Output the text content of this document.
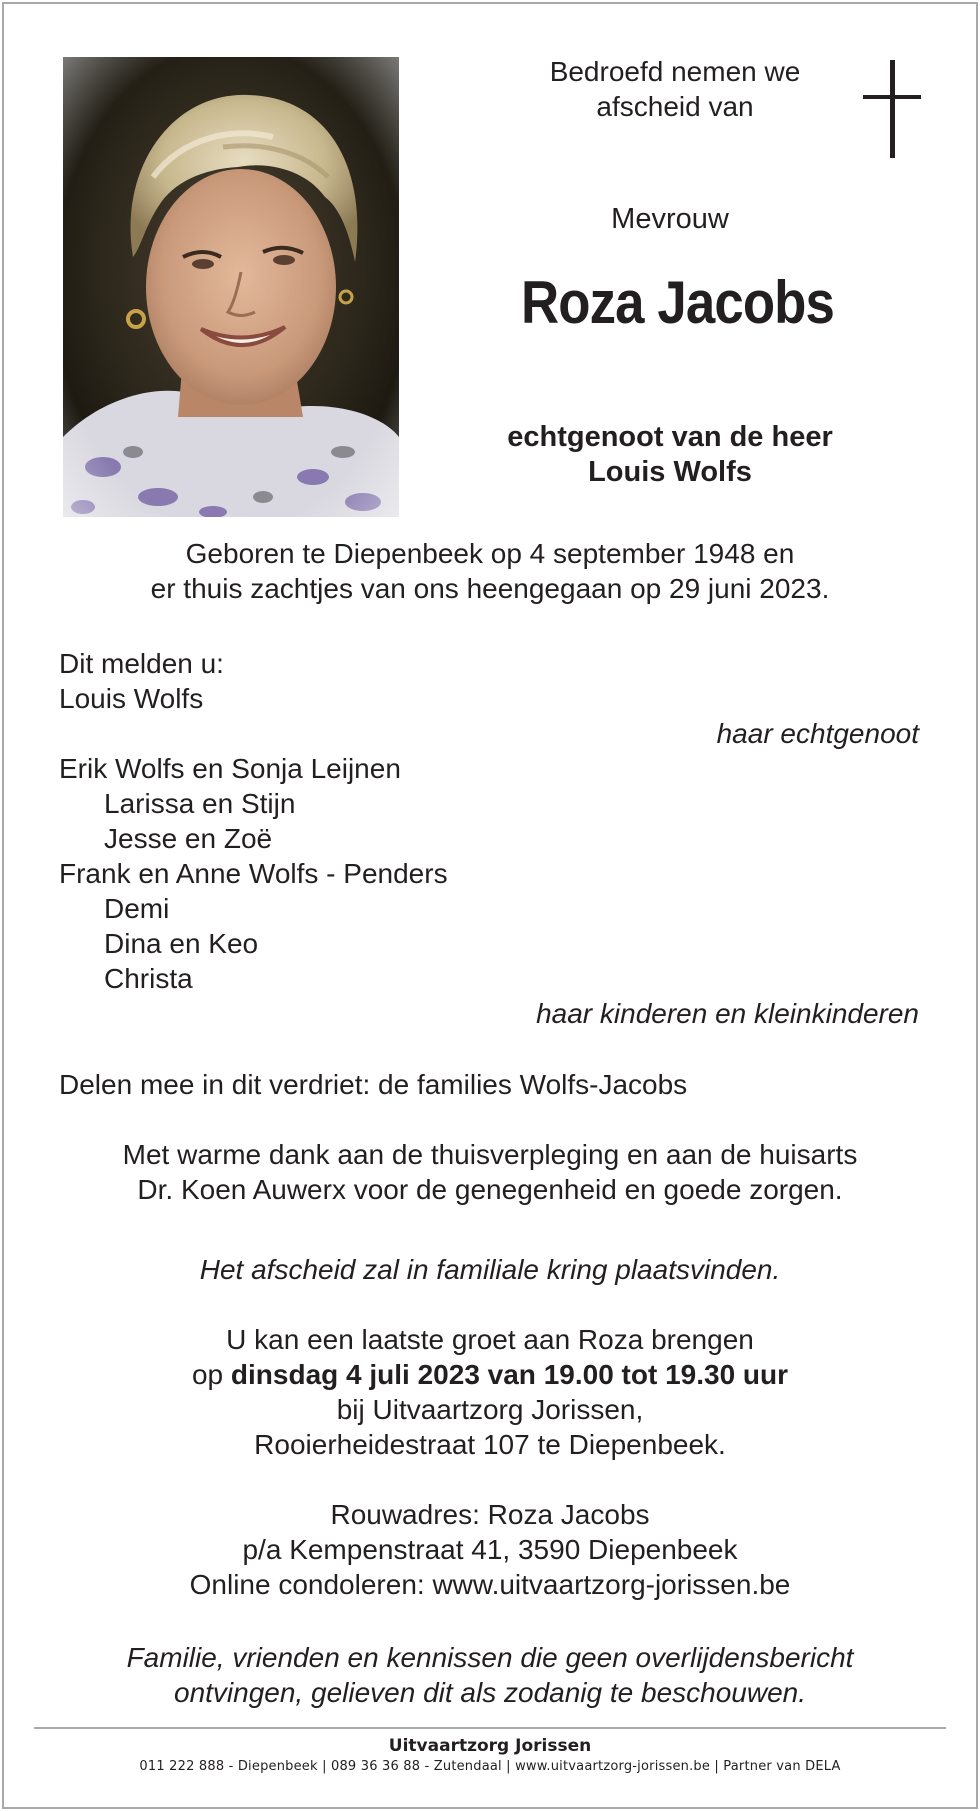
Bedroefd nemen we
afscheid van
Mevrouw
Roza Jacobs
echtgenoot van de heer
Louis Wolfs
Geboren te Diepenbeek op 4 september 1948 en
er thuis zachtjes van ons heengegaan op 29 juni 2023.
Dit melden u:
Louis Wolfs
haar echtgenoot
Erik Wolfs en Sonja Leijnen
Larissa en Stijn
Jesse en Zoë
Frank en Anne Wolfs - Penders
Demi
Dina en Keo
Christa
haar kinderen en kleinkinderen
Delen mee in dit verdriet: de families Wolfs-Jacobs
Met warme dank aan de thuisverpleging en aan de huisarts
Dr. Koen Auwerx voor de genegenheid en goede zorgen.
Het afscheid zal in familiale kring plaatsvinden.
U kan een laatste groet aan Roza brengen
op dinsdag 4 juli 2023 van 19.00 tot 19.30 uur
bij Uitvaartzorg Jorissen,
Rooierheidestraat 107 te Diepenbeek.
Rouwadres: Roza Jacobs
p/a Kempenstraat 41, 3590 Diepenbeek
Online condoleren: www.uitvaartzorg-jorissen.be
Familie, vrienden en kennissen die geen overlijdensbericht
ontvingen, gelieven dit als zodanig te beschouwen.
Uitvaartzorg Jorissen
011 222 888 - Diepenbeek | 089 36 36 88 - Zutendaal | www.uitvaartzorg-jorissen.be | Partner van DELA
